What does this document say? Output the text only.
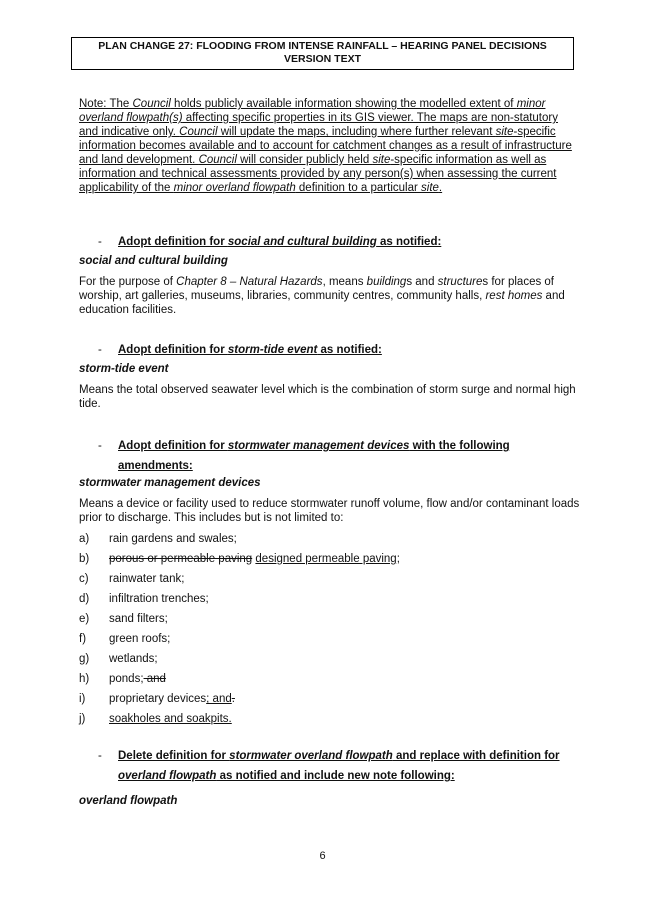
PLAN CHANGE 27: FLOODING FROM INTENSE RAINFALL – HEARING PANEL DECISIONS
VERSION TEXT
Note: The Council holds publicly available information showing the modelled extent of minor overland flowpath(s) affecting specific properties in its GIS viewer. The maps are non-statutory and indicative only. Council will update the maps, including where further relevant site-specific information becomes available and to account for catchment changes as a result of infrastructure and land development. Council will consider publicly held site-specific information as well as information and technical assessments provided by any person(s) when assessing the current applicability of the minor overland flowpath definition to a particular site.
- Adopt definition for social and cultural building as notified:
social and cultural building
For the purpose of Chapter 8 – Natural Hazards, means buildings and structures for places of worship, art galleries, museums, libraries, community centres, community halls, rest homes and education facilities.
- Adopt definition for storm-tide event as notified:
storm-tide event
Means the total observed seawater level which is the combination of storm surge and normal high tide.
- Adopt definition for stormwater management devices with the following amendments:
stormwater management devices
Means a device or facility used to reduce stormwater runoff volume, flow and/or contaminant loads prior to discharge. This includes but is not limited to:
a) rain gardens and swales;
b) porous or permeable paving designed permeable paving;
c) rainwater tank;
d) infiltration trenches;
e) sand filters;
f) green roofs;
g) wetlands;
h) ponds; and
i) proprietary devices; and.
j) soakholes and soakpits.
- Delete definition for stormwater overland flowpath and replace with definition for overland flowpath as notified and include new note following:
overland flowpath
6
